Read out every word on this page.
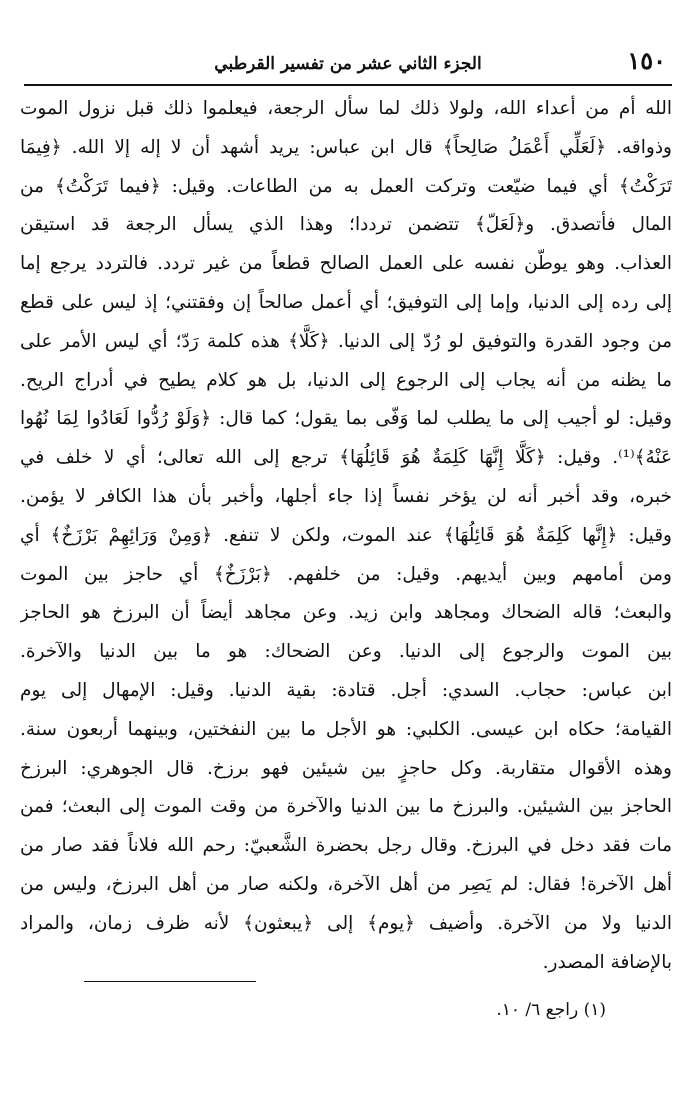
١٥٠
الجزء الثاني عشر من تفسير القرطبي
الله أم من أعداء الله، ولولا ذلك لما سأل الرجعة، فيعلموا ذلك قبل نزول الموت
وذواقه. ﴿لَعَلِّي أَعْمَلُ صَالِحاً﴾ قال ابن عباس: يريد أشهد أن لا إله إلا الله. ﴿فِيمَا
تَرَكْتُ﴾ أي فيما ضيّعت وتركت العمل به من الطاعات. وقيل: ﴿فيما تَرَكْتُ﴾ من
المال فأتصدق. و﴿لَعَلّ﴾ تتضمن ترددا؛ وهذا الذي يسأل الرجعة قد استيقن
العذاب. وهو يوطّن نفسه على العمل الصالح قطعاً من غير تردد. فالتردد يرجع إما
إلى رده إلى الدنيا، وإما إلى التوفيق؛ أي أعمل صالحاً إن وفقتني؛ إذ ليس على قطع
من وجود القدرة والتوفيق لو رُدّ إلى الدنيا. ﴿كَلَّا﴾ هذه كلمة رَدّ؛ أي ليس الأمر على
ما يظنه من أنه يجاب إلى الرجوع إلى الدنيا، بل هو كلام يطيح في أدراج الريح.
وقيل: لو أجيب إلى ما يطلب لما وَفّى بما يقول؛ كما قال: ﴿وَلَوْ رُدُّوا لَعَادُوا لِمَا نُهُوا
عَنْهُ﴾⁽¹⁾. وقيل: ﴿كَلَّا إِنَّهَا كَلِمَةٌ هُوَ قَائِلُهَا﴾ ترجع إلى الله تعالى؛ أي لا خلف في
خبره، وقد أخبر أنه لن يؤخر نفساً إذا جاء أجلها، وأخبر بأن هذا الكافر لا يؤمن.
وقيل: ﴿إِنَّها كَلِمَةٌ هُوَ قَائِلُهَا﴾ عند الموت، ولكن لا تنفع. ﴿وَمِنْ وَرَائِهِمْ بَرْزَخٌ﴾ أي
ومن أمامهم وبين أيديهم. وقيل: من خلفهم. ﴿بَرْزَخٌ﴾ أي حاجز بين الموت
والبعث؛ قاله الضحاك ومجاهد وابن زيد. وعن مجاهد أيضاً أن البرزخ هو الحاجز
بين الموت والرجوع إلى الدنيا. وعن الضحاك: هو ما بين الدنيا والآخرة.
ابن عباس: حجاب. السدي: أجل. قتادة: بقية الدنيا. وقيل: الإمهال إلى يوم
القيامة؛ حكاه ابن عيسى. الكلبي: هو الأجل ما بين النفختين، وبينهما أربعون سنة.
وهذه الأقوال متقاربة. وكل حاجزٍ بين شيئين فهو برزخ. قال الجوهري: البرزخ
الحاجز بين الشيئين. والبرزخ ما بين الدنيا والآخرة من وقت الموت إلى البعث؛ فمن
مات فقد دخل في البرزخ. وقال رجل بحضرة الشَّعبيّ: رحم الله فلاناً فقد صار من
أهل الآخرة! فقال: لم يَصِر من أهل الآخرة، ولكنه صار من أهل البرزخ، وليس من
الدنيا ولا من الآخرة. وأضيف ﴿يوم﴾ إلى ﴿يبعثون﴾ لأنه ظرف زمان، والمراد
بالإضافة المصدر.
(١) راجع ٦/ ١٠.
